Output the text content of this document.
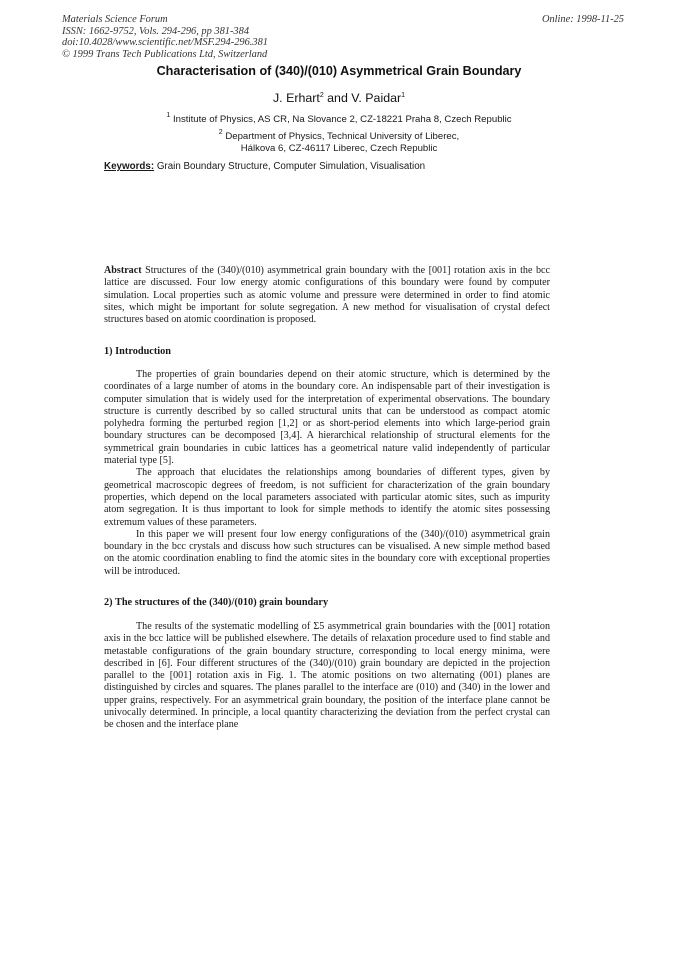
Materials Science Forum
ISSN: 1662-9752, Vols. 294-296, pp 381-384
doi:10.4028/www.scientific.net/MSF.294-296.381
© 1999 Trans Tech Publications Ltd, Switzerland
Online: 1998-11-25
Characterisation of (340)/(010) Asymmetrical Grain Boundary
J. Erhart$^2$ and V. Paidar$^1$
$^1$ Institute of Physics, AS CR, Na Slovance 2, CZ-18221 Praha 8, Czech Republic
$^2$ Department of Physics, Technical University of Liberec,
Hálkova 6, CZ-46117 Liberec, Czech Republic
Keywords: Grain Boundary Structure, Computer Simulation, Visualisation

Abstract Structures of the (340)/(010) asymmetrical grain boundary with the [001] rotation axis in the bcc lattice are discussed. Four low energy atomic configurations of this boundary were found by computer simulation. Local properties such as atomic volume and pressure were determined in order to find atomic sites, which might be important for solute segregation. A new method for visualisation of crystal defect structures based on atomic coordination is proposed.

1) Introduction

The properties of grain boundaries depend on their atomic structure, which is determined by the coordinates of a large number of atoms in the boundary core. An indispensable part of their investigation is computer simulation that is widely used for the interpretation of experimental observations. The boundary structure is currently described by so called structural units that can be understood as compact atomic polyhedra forming the perturbed region [1,2] or as short-period elements into which large-period grain boundary structures can be decomposed [3,4]. A hierarchical relationship of structural elements for the symmetrical grain boundaries in cubic lattices has a geometrical nature valid independently of particular material type [5].

The approach that elucidates the relationships among boundaries of different types, given by geometrical macroscopic degrees of freedom, is not sufficient for characterization of the grain boundary properties, which depend on the local parameters associated with particular atomic sites, such as impurity atom segregation. It is thus important to look for simple methods to identify the atomic sites possessing extremum values of these parameters.

In this paper we will present four low energy configurations of the (340)/(010) asymmetrical grain boundary in the bcc crystals and discuss how such structures can be visualised. A new simple method based on the atomic coordination enabling to find the atomic sites in the boundary core with exceptional properties will be introduced.

2) The structures of the (340)/(010) grain boundary

The results of the systematic modelling of Σ5 asymmetrical grain boundaries with the [001] rotation axis in the bcc lattice will be published elsewhere. The details of relaxation procedure used to find stable and metastable configurations of the grain boundary structure, corresponding to local energy minima, were described in [6]. Four different structures of the (340)/(010) grain boundary are depicted in the projection parallel to the [001] rotation axis in Fig. 1. The atomic positions on two alternating (001) planes are distinguished by circles and squares. The planes parallel to the interface are (010) and (340) in the lower and upper grains, respectively. For an asymmetrical grain boundary, the position of the interface plane cannot be univocally determined. In principle, a local quantity characterizing the deviation from the perfect crystal can be chosen and the interface plane
